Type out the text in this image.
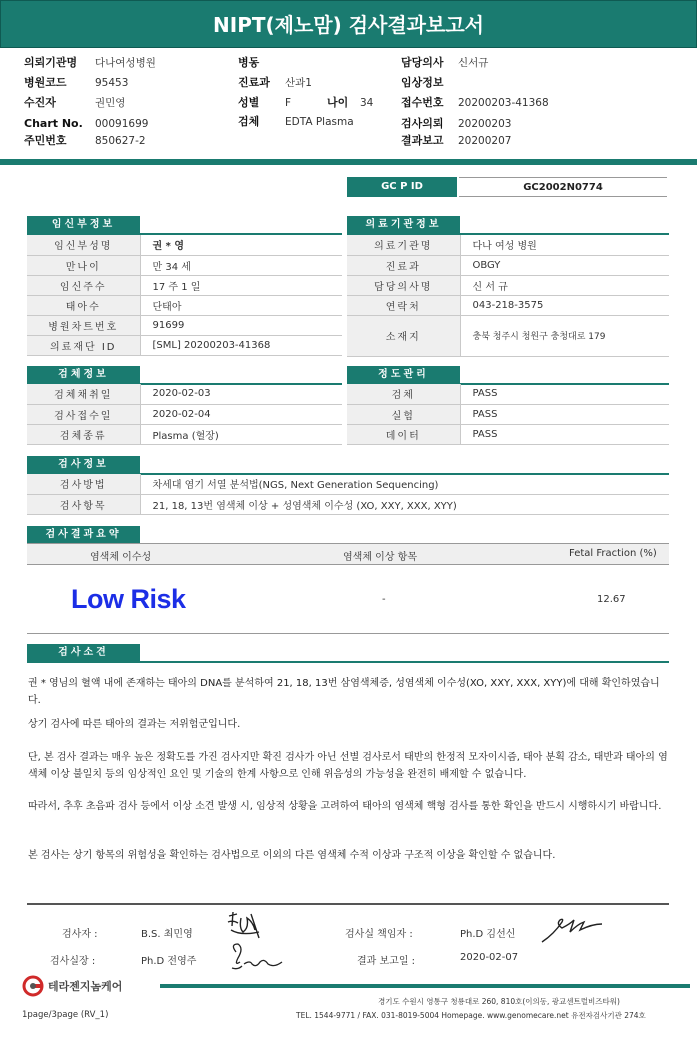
NIPT(제노맘) 검사결과보고서
의뢰기관명 다나여성병원
병원코드	95453
수진자	권민영
Chart No. 00091699
주민번호	850627-2
병동
진료과 산과1
성별 F	나이 34
검체 EDTA Plasma
담당의사 신서규
임상정보
접수번호 20200203-41368
검사의뢰 20200203
결과보고 20200207
GC P ID	GC2002N0774
임신부정보
임신부성명	권 * 영
만나이	만 34 세
임신주수	17 주 1 일
태아수	단태아
병원차트번호	91699
의료재단 ID	[SML] 20200203-41368
의료기관정보
의료기관명	다나 여성 병원
진료과	OBGY
담당의사명	신 서 규
연락처	043-218-3575
소재지	충북 청주시 청원구 충청대로 179
검체정보
검체채취일	2020-02-03
검사접수일	2020-02-04
검체종류	Plasma (혈장)
정도관리
검체	PASS
실험	PASS
데이터	PASS
검사정보
검사방법	차세대 염기 서열 분석법(NGS, Next Generation Sequencing)
검사항목	21, 18, 13번 염색체 이상 + 성염색체 이수성 (XO, XXY, XXX, XYY)
검사결과요약
염색체 이수성	염색체 이상 항목	Fetal Fraction (%)
Low Risk	-	12.67
검사소견
권 * 영님의 혈액 내에 존재하는 태아의 DNA를 분석하여 21, 18, 13번 삼염색체증, 성염색체 이수성(XO, XXY, XXX, XYY)에 대해 확인하였습니다.
상기 검사에 따른 태아의 결과는 저위험군입니다.
단, 본 검사 결과는 매우 높은 정확도를 가진 검사지만 확진 검사가 아닌 선별 검사로서 태반의 한정적 모자이시즘, 태아 분획 감소, 태반과 태아의 염색체 이상 불일치 등의 임상적인 요인 및 기술의 한계 사항으로 인해 위음성의 가능성을 완전히 배제할 수 없습니다.
따라서, 추후 초음파 검사 등에서 이상 소견 발생 시, 임상적 상황을 고려하여 태아의 염색체 핵형 검사를 통한 확인을 반드시 시행하시기 바랍니다.
본 검사는 상기 항목의 위험성을 확인하는 검사법으로 이외의 다른 염색체 수적 이상과 구조적 이상을 확인할 수 없습니다.
검사자 :	B.S. 최민영	검사실 책임자 :	Ph.D 김선신
검사실장 :	Ph.D 전영주	결과 보고일 :	2020-02-07
테라젠지놈케어
경기도 수원시 영통구 청룡대로 260, 810호(이의동, 광교센트럴비즈타워)
TEL. 1544-9771 / FAX. 031-8019-5004 Homepage. www.genomecare.net 유전자검사기관 274호
1page/3page (RV_1)
